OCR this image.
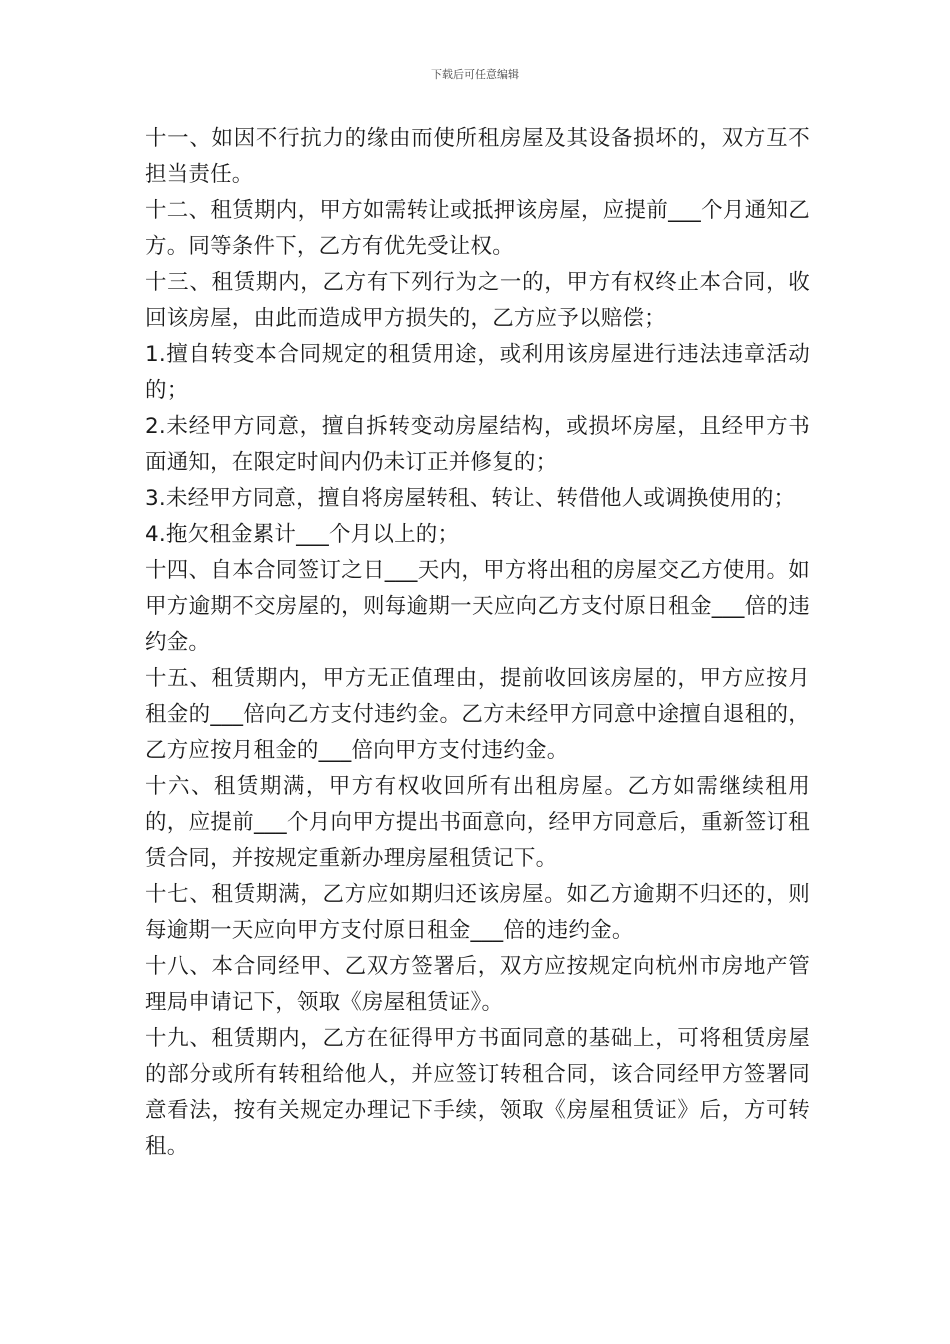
下载后可任意编辑

十一、如因不行抗力的缘由而使所租房屋及其设备损坏的，双方互不担当责任。

十二、租赁期内，甲方如需转让或抵押该房屋，应提前___个月通知乙方。同等条件下，乙方有优先受让权。

十三、租赁期内，乙方有下列行为之一的，甲方有权终止本合同，收回该房屋，由此而造成甲方损失的，乙方应予以赔偿；

1.擅自转变本合同规定的租赁用途，或利用该房屋进行违法违章活动的；

2.未经甲方同意，擅自拆转变动房屋结构，或损坏房屋，且经甲方书面通知，在限定时间内仍未订正并修复的；

3.未经甲方同意，擅自将房屋转租、转让、转借他人或调换使用的；

4.拖欠租金累计___个月以上的；

十四、自本合同签订之日___天内，甲方将出租的房屋交乙方使用。如甲方逾期不交房屋的，则每逾期一天应向乙方支付原日租金___倍的违约金。

十五、租赁期内，甲方无正值理由，提前收回该房屋的，甲方应按月租金的___倍向乙方支付违约金。乙方未经甲方同意中途擅自退租的，乙方应按月租金的___倍向甲方支付违约金。

十六、租赁期满，甲方有权收回所有出租房屋。乙方如需继续租用的，应提前___个月向甲方提出书面意向，经甲方同意后，重新签订租赁合同，并按规定重新办理房屋租赁记下。

十七、租赁期满，乙方应如期归还该房屋。如乙方逾期不归还的，则每逾期一天应向甲方支付原日租金___倍的违约金。

十八、本合同经甲、乙双方签署后，双方应按规定向杭州市房地产管理局申请记下，领取《房屋租赁证》。

十九、租赁期内，乙方在征得甲方书面同意的基础上，可将租赁房屋的部分或所有转租给他人，并应签订转租合同，该合同经甲方签署同意看法，按有关规定办理记下手续，领取《房屋租赁证》后，方可转租。
